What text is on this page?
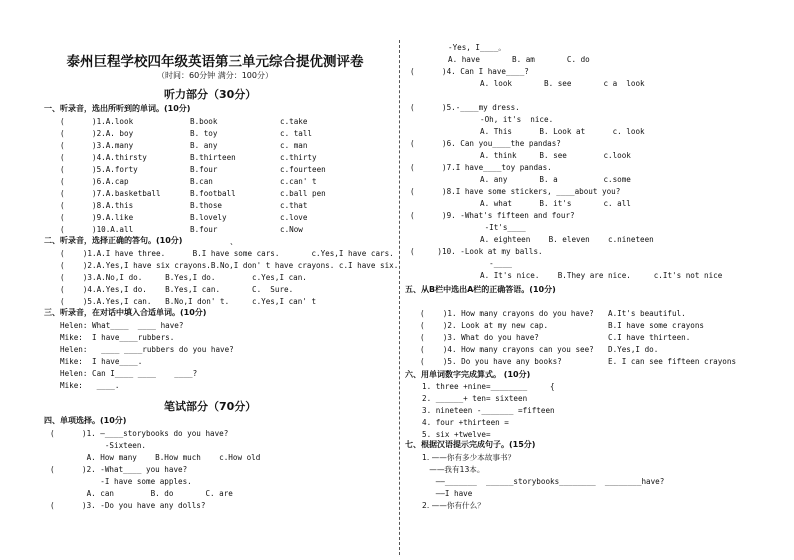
泰州巨程学校四年级英语第三单元综合提优测评卷
（时间：60分钟 满分：100分）
听力部分（30分）
一、听录音，选出所听到的单词。(10分)
(      )1.A.look	B.book	c.take
(      )2.A. boy	B. toy	c. tall
(      )3.A.many	B. any	c. man
(      )4.A.thirsty	B.thirteen	c.thirty
(      )5.A.forty	B.four	c.fourteen
(      )6.A.cap	B.can	c.can' t
(      )7.A.basketball	B.football	c.ball pen
(      )8.A.this	B.those	c.that
(      )9.A.like	B.lovely	c.love
(      )10.A.all	B.four	c.Now
二、听录音，选择正确的答句。(10分)	、
(    )1.A.I have three.      B.I have some cars.       c.Yes,I have cars.
(    )2.A.Yes,I have six crayons.B.No,I don' t have crayons. c.I have six.
(    )3.A.No,I do.     B.Yes,I do.        c.Yes,I can.
(    )4.A.Yes,I do.    B.Yes,I can.       C.  Sure.
(    )5.A.Yes,I can.   B.No,I don' t.     c.Yes,I can' t
三、听录音，在对话中填入合适单词。(10分)
Helen: What____  ____ have?
Mike:  I have____rubbers.
Helen:   ____ ____rubbers do you have?
Mike:  I have____.
Helen: Can I____ ____    ____?
Mike:   ____.
笔试部分（70分）
四、单项选择。(10分)
(      )1. —____storybooks do you have?
-Sixteen.
A. How many    B.How much    c.How old
(      )2. -What____ you have?
-I have some apples.
A. can        B. do       C. are
(      )3. -Do you have any dolls?
-Yes, I____。
A. have       B. am       C. do
(      )4. Can I have____?
A. look       B. see       c a  look
(      )5.-____my dress.
-Oh, it's  nice.
A. This      B. Look at      c. look
(      )6. Can you____the pandas?
A. think     B. see        c.look
(      )7.I have____toy pandas.
A. any       B. a          c.some
(      )8.I have some stickers, ____about you?
A. what      B. it's       c. all
(      )9. -What's fifteen and four?
-It's____
A. eighteen    B. eleven    c.nineteen
(     )10. -Look at my balls.
-____
A. It's nice.    B.They are nice.     c.It's not nice
五、从B栏中选出A栏的正确答语。(10分)
(    )1. How many crayons do you have? A.It's beautiful.
(    )2. Look at my new cap.	B.I have some crayons
(    )3. What do you have?	C.I have thirteen.
(    )4. How many crayons can you see? D.Yes,I do.
(    )5. Do you have any books?	E. I can see fifteen crayons
六、用单词数字完成算式。 (10分)
1. three +nine=________     {
2. ______+ ten= sixteen
3. nineteen -_______ =fifteen
4. four +thirteen =
5. six +twelve=
七、根据汉语提示完成句子。(15分)
1. ——你有多少本故事书？
——我有13本。
——_______  ______storybooks________  ________have?
——I have
2. ——你有什么？
